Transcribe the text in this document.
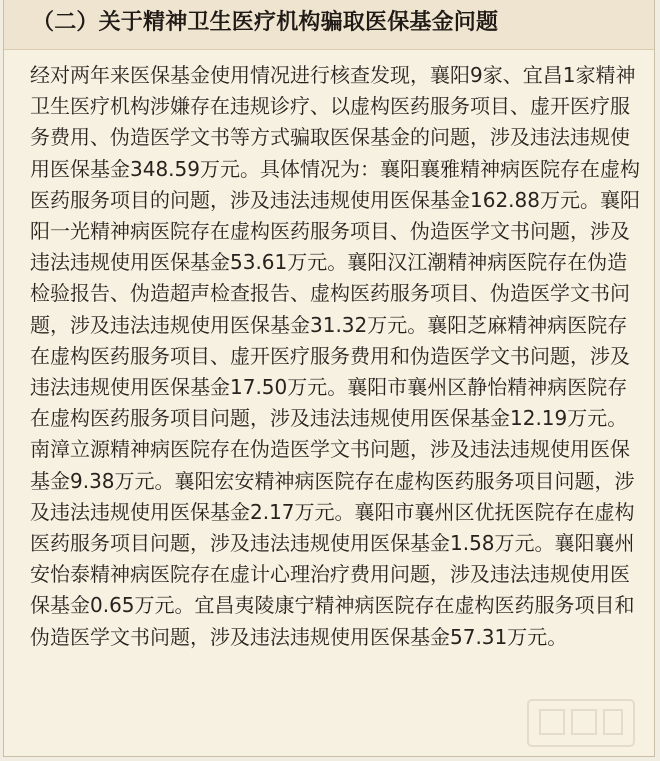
（二）关于精神卫生医疗机构骗取医保基金问题

经对两年来医保基金使用情况进行核查发现，襄阳9家、宜昌1家精神卫生医疗机构涉嫌存在违规诊疗、以虚构医药服务项目、虚开医疗服务费用、伪造医学文书等方式骗取医保基金的问题，涉及违法违规使用医保基金348.59万元。具体情况为：襄阳襄雅精神病医院存在虚构医药服务项目的问题，涉及违法违规使用医保基金162.88万元。襄阳阳一光精神病医院存在虚构医药服务项目、伪造医学文书问题，涉及违法违规使用医保基金53.61万元。襄阳汉江潮精神病医院存在伪造检验报告、伪造超声检查报告、虚构医药服务项目、伪造医学文书问题，涉及违法违规使用医保基金31.32万元。襄阳芝麻精神病医院存在虚构医药服务项目、虚开医疗服务费用和伪造医学文书问题，涉及违法违规使用医保基金17.50万元。襄阳市襄州区静怡精神病医院存在虚构医药服务项目问题，涉及违法违规使用医保基金12.19万元。南漳立源精神病医院存在伪造医学文书问题，涉及违法违规使用医保基金9.38万元。襄阳宏安精神病医院存在虚构医药服务项目问题，涉及违法违规使用医保基金2.17万元。襄阳市襄州区优抚医院存在虚构医药服务项目问题，涉及违法违规使用医保基金1.58万元。襄阳襄州安怡泰精神病医院存在虚计心理治疗费用问题，涉及违法违规使用医保基金0.65万元。宜昌夷陵康宁精神病医院存在虚构医药服务项目和伪造医学文书问题，涉及违法违规使用医保基金57.31万元。
